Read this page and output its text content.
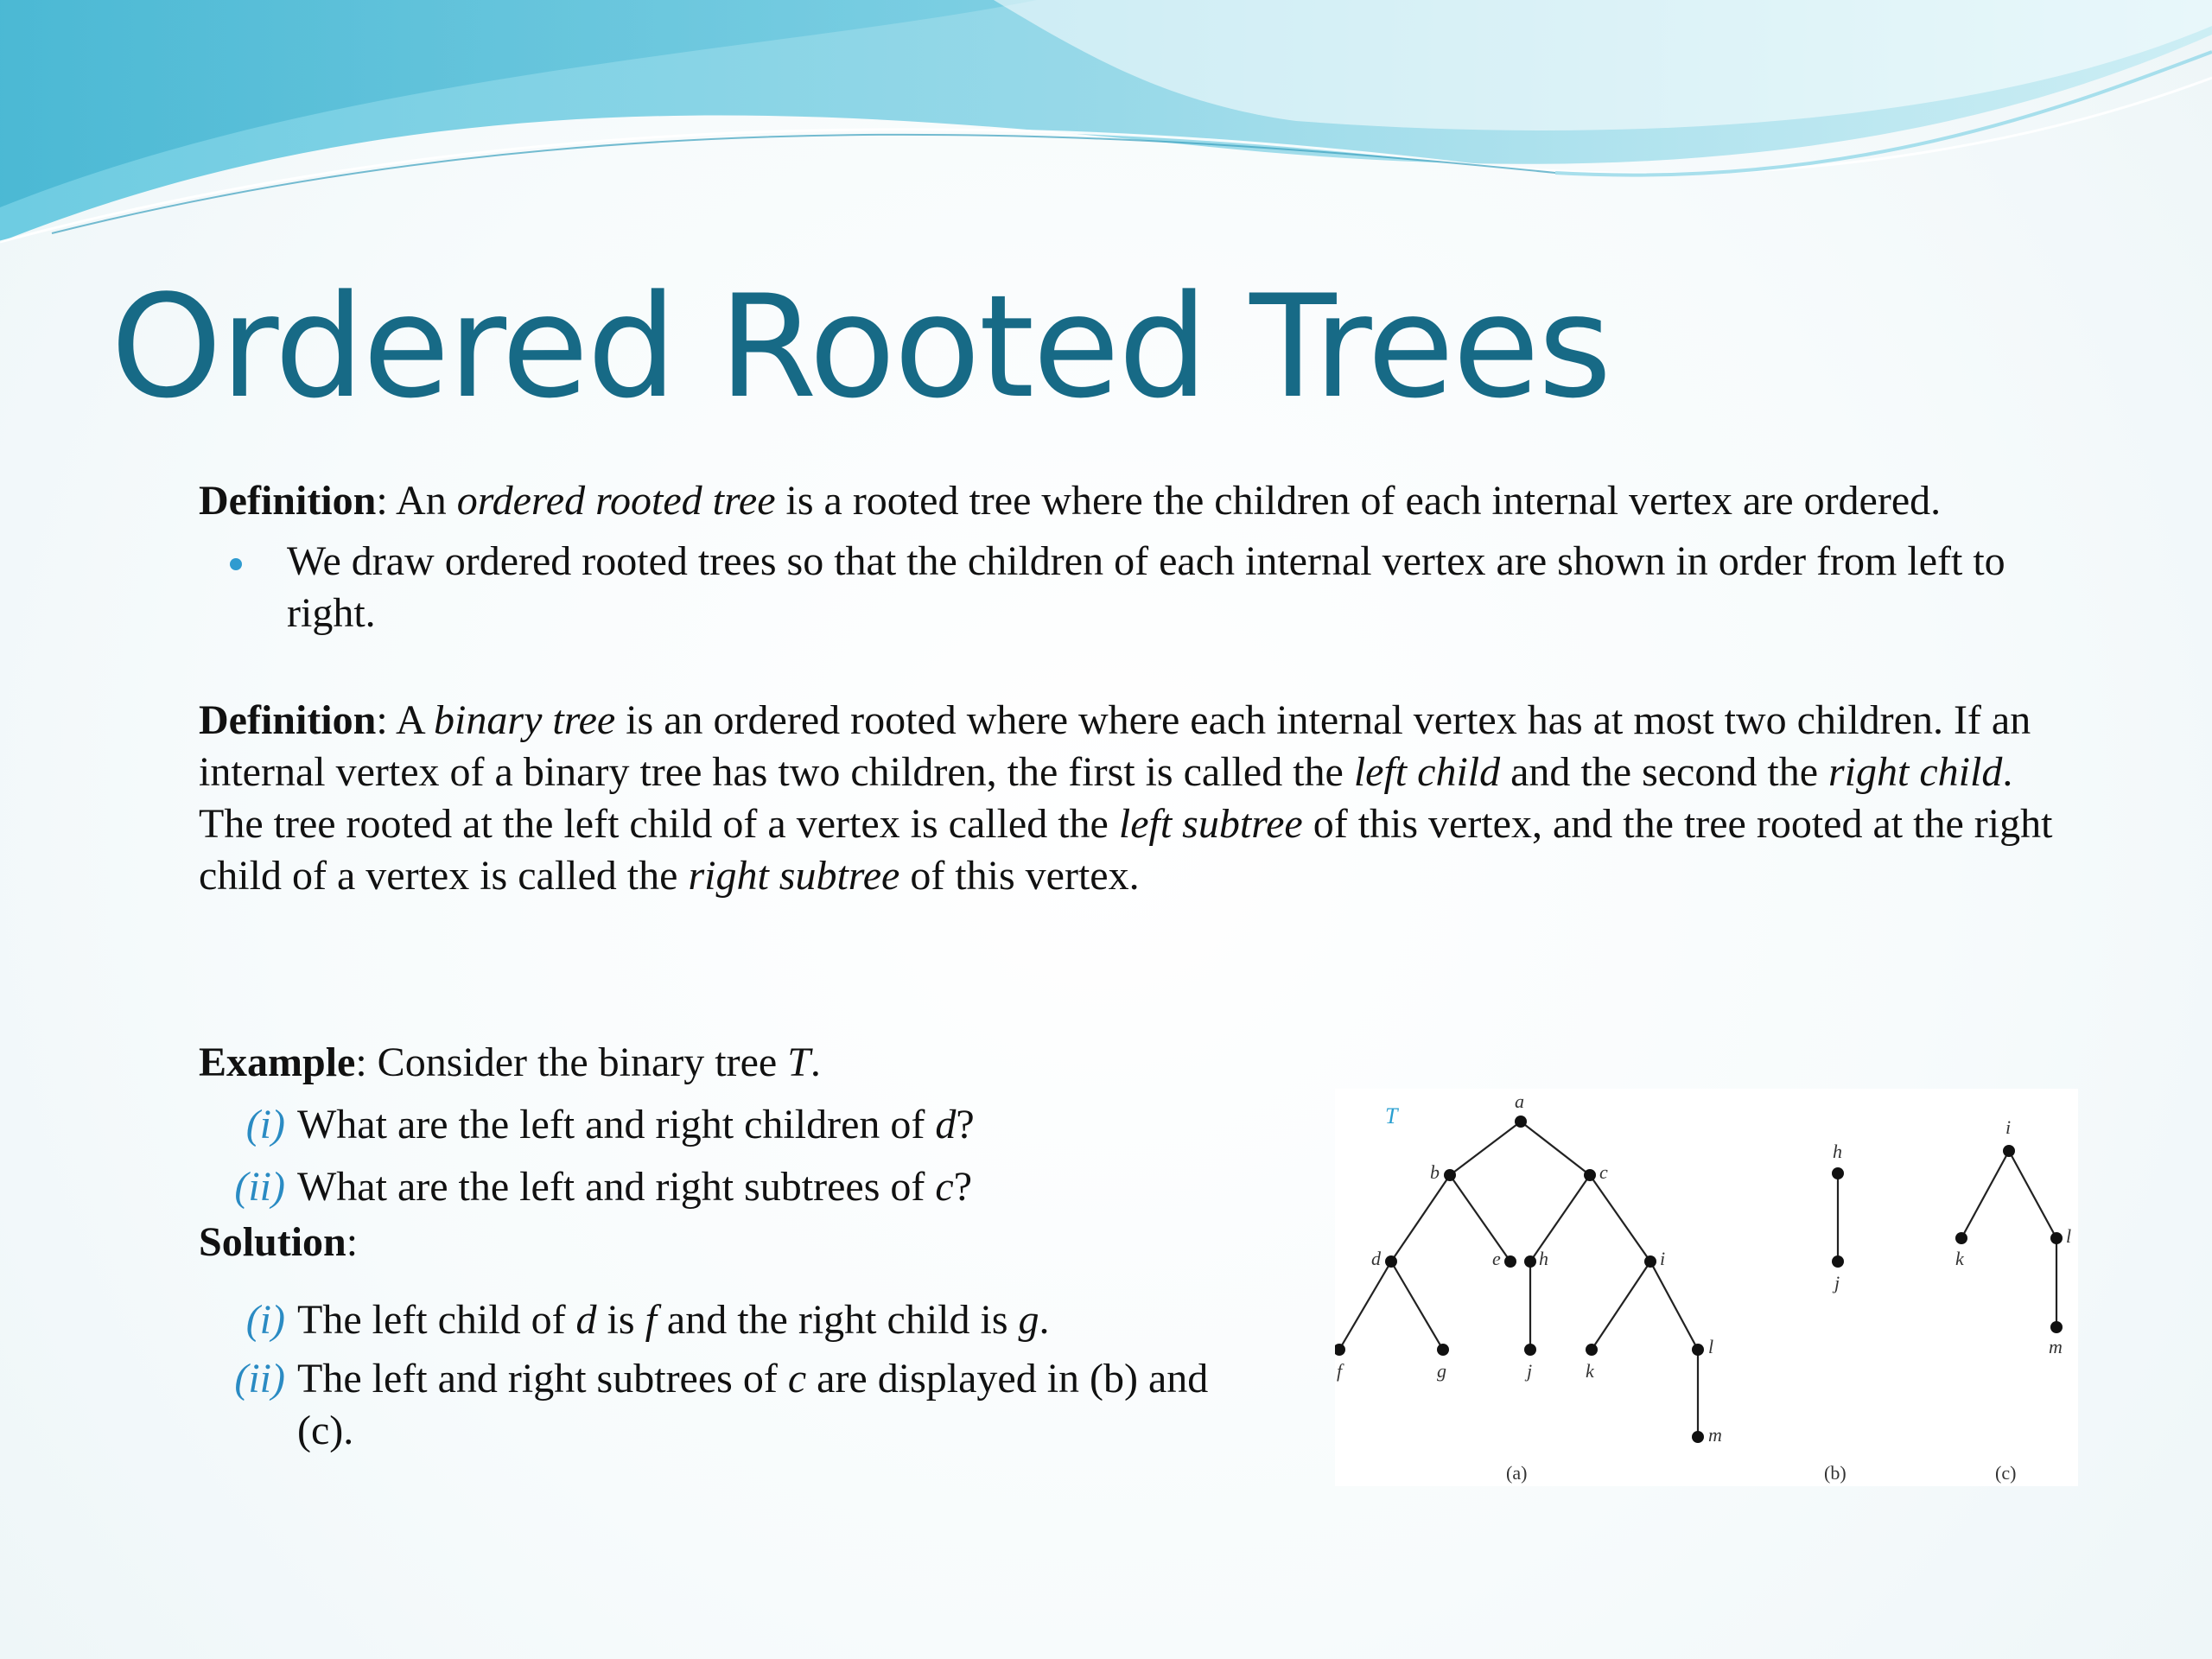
Ordered Rooted Trees

Definition: An ordered rooted tree is a rooted tree where the children of each internal vertex are ordered.

We draw ordered rooted trees so that the children of each internal vertex are shown in order from left to right.

Definition: A binary tree is an ordered rooted where where each internal vertex has at most two children. If an internal vertex of a binary tree has two children, the first is called the left child and the second the right child. The tree rooted at the left child of a vertex is called the left subtree of this vertex, and the tree rooted at the right child of a vertex is called the right subtree of this vertex.

Example: Consider the binary tree T.
(i) What are the left and right children of d?
(ii) What are the left and right subtrees of c?
Solution:
(i) The left child of d is f and the right child is g.
(ii) The left and right subtrees of c are displayed in (b) and (c).
T
a
b	c
d	e h	i
f	g	j	k
l
m
h
j
i
k
l
m
(a)	(b)	(c)
